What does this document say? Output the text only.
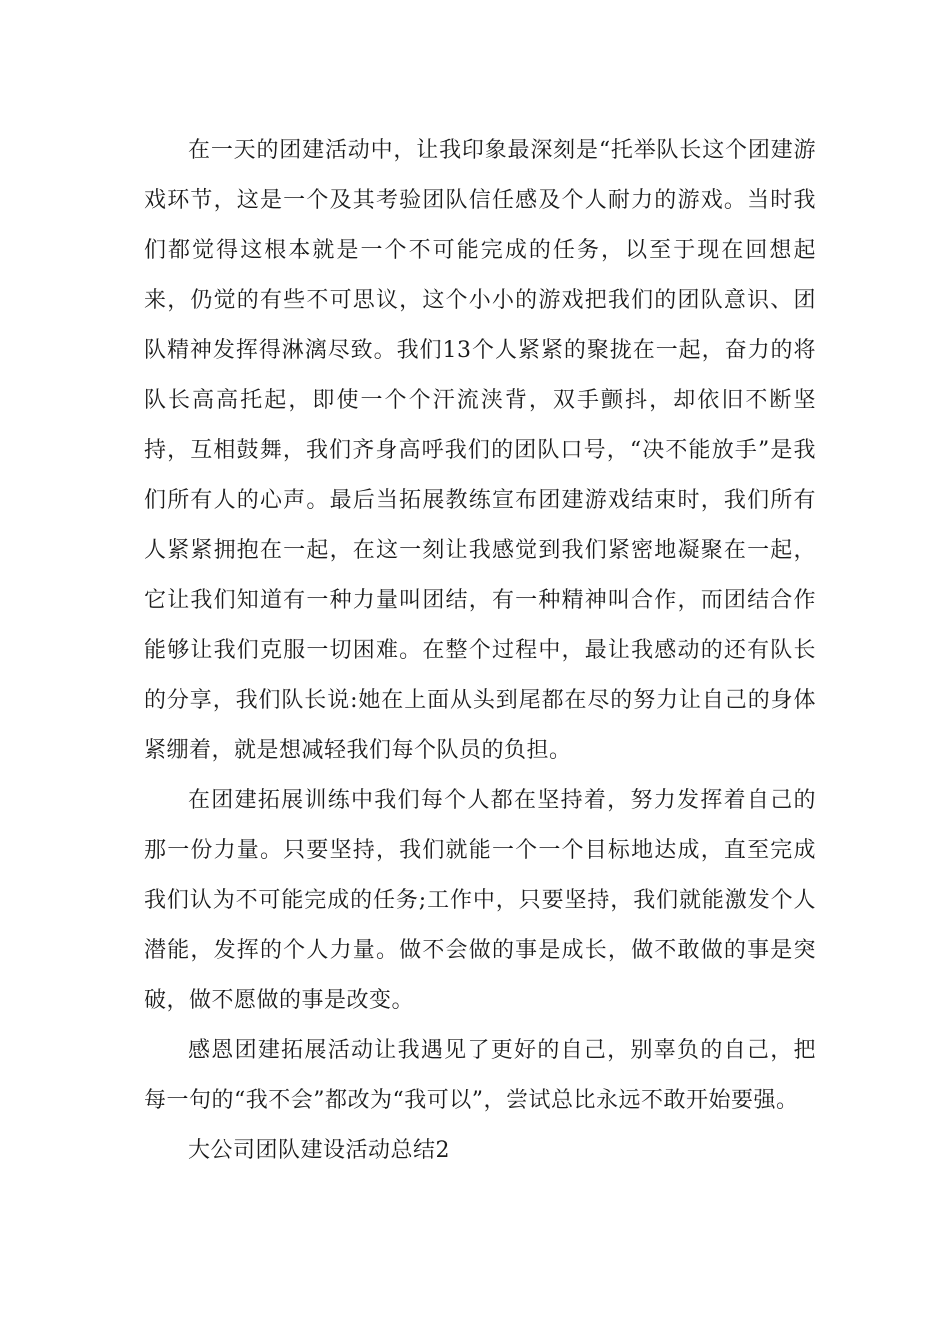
在一天的团建活动中，让我印象最深刻是“托举队长这个团建游戏环节，这是一个及其考验团队信任感及个人耐力的游戏。当时我们都觉得这根本就是一个不可能完成的任务，以至于现在回想起来，仍觉的有些不可思议，这个小小的游戏把我们的团队意识、团队精神发挥得淋漓尽致。我们13个人紧紧的聚拢在一起，奋力的将队长高高托起，即使一个个汗流浃背，双手颤抖，却依旧不断坚持，互相鼓舞，我们齐身高呼我们的团队口号，“决不能放手”是我们所有人的心声。最后当拓展教练宣布团建游戏结束时，我们所有人紧紧拥抱在一起，在这一刻让我感觉到我们紧密地凝聚在一起，它让我们知道有一种力量叫团结，有一种精神叫合作，而团结合作能够让我们克服一切困难。在整个过程中，最让我感动的还有队长的分享，我们队长说:她在上面从头到尾都在尽的努力让自己的身体紧绷着，就是想减轻我们每个队员的负担。

在团建拓展训练中我们每个人都在坚持着，努力发挥着自己的那一份力量。只要坚持，我们就能一个一个目标地达成，直至完成我们认为不可能完成的任务;工作中，只要坚持，我们就能激发个人潜能，发挥的个人力量。做不会做的事是成长，做不敢做的事是突破，做不愿做的事是改变。

感恩团建拓展活动让我遇见了更好的自己，别辜负的自己，把每一句的“我不会”都改为“我可以”，尝试总比永远不敢开始要强。

大公司团队建设活动总结2
